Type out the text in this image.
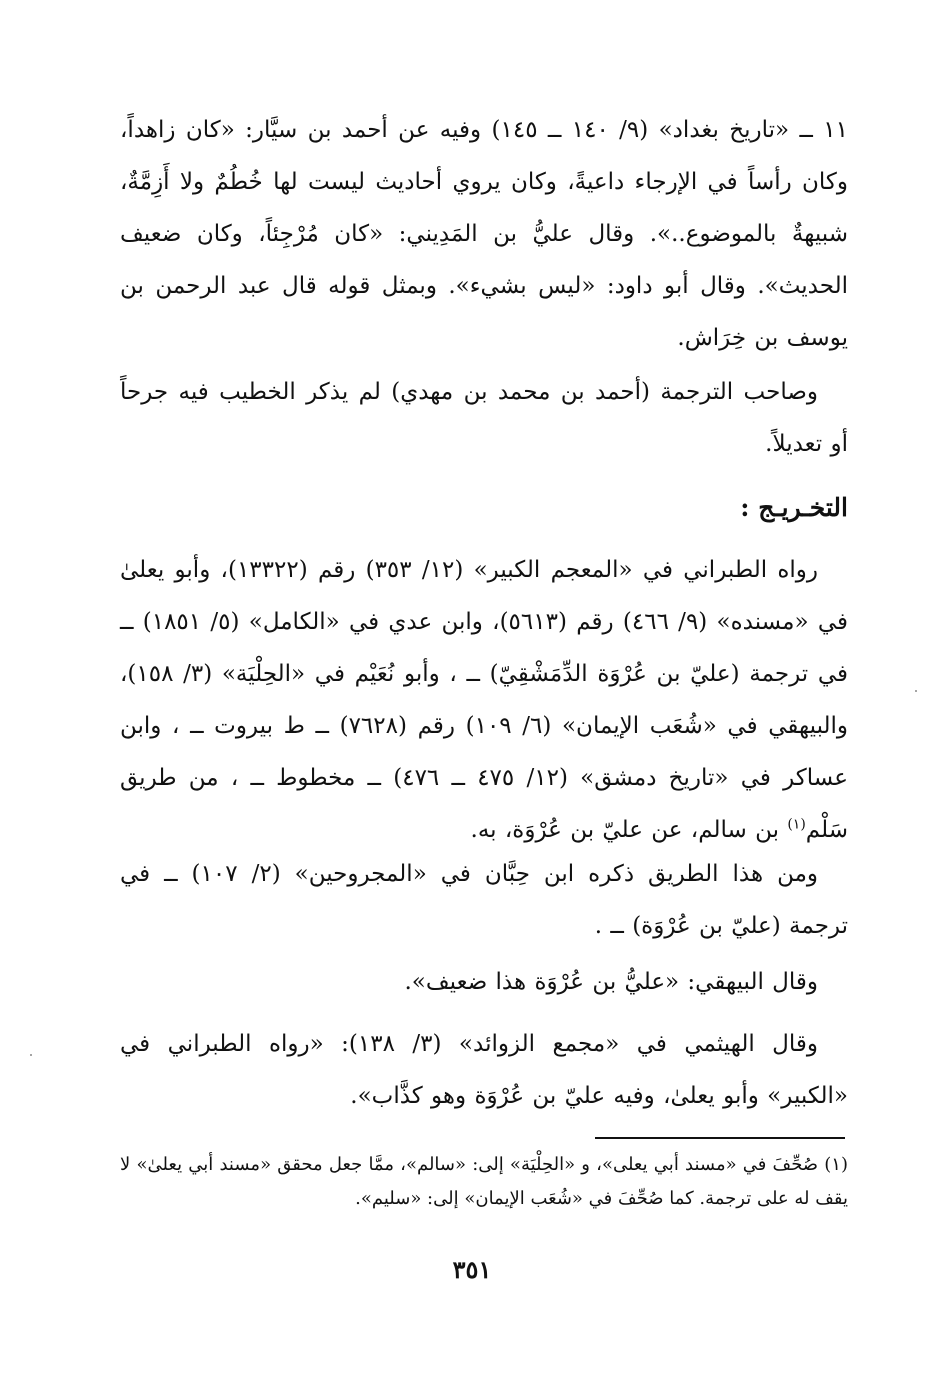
١١ ــ «تاريخ بغداد» (٩/ ١٤٠ ــ ١٤٥) وفيه عن أحمد بن سيَّار: «كان زاهداً، وكان رأساً في الإرجاء داعيةً، وكان يروي أحاديث ليست لها خُطُمٌ ولا أَزِمَّةٌ، شبيهةٌ بالموضوع..». وقال عليُّ بن المَدِيني: «كان مُرْجِئاً، وكان ضعيف الحديث». وقال أبو داود: «ليس بشيء». وبمثل قوله قال عبد الرحمن بن يوسف بن خِرَاش.
وصاحب الترجمة (أحمد بن محمد بن مهدي) لم يذكر الخطيب فيه جرحاً أو تعديلاً.
التخـريـج :
رواه الطبراني في «المعجم الكبير» (١٢/ ٣٥٣) رقم (١٣٣٢٢)، وأبو يعلىٰ في «مسنده» (٩/ ٤٦٦) رقم (٥٦١٣)، وابن عدي في «الكامل» (٥/ ١٨٥١) ــ في ترجمة (عليّ بن عُرْوَة الدِّمَشْقِيّ) ــ ، وأبو نُعَيْم في «الحِلْيَة» (٣/ ١٥٨)، والبيهقي في «شُعَب الإيمان» (٦/ ١٠٩) رقم (٧٦٢٨) ــ ط بيروت ــ ، وابن عساكر في «تاريخ دمشق» (١٢/ ٤٧٥ ــ ٤٧٦) ــ مخطوط ــ ، من طريق سَلْم$^{(١)}$ بن سالم، عن عليّ بن عُرْوَة، به.
ومن هذا الطريق ذكره ابن حِبَّان في «المجروحين» (٢/ ١٠٧) ــ في ترجمة (عليّ بن عُرْوَة) ــ .
وقال البيهقي: «عليُّ بن عُرْوَة هذا ضعيف».
وقال الهيثمي في «مجمع الزوائد» (٣/ ١٣٨): «رواه الطبراني في «الكبير» وأبو يعلىٰ، وفيه عليّ بن عُرْوَة وهو كذَّاب».
(١) صُحِّفَ في «مسند أبي يعلى»، و «الحِلْيَة» إلى: «سالم»، ممَّا جعل محقق «مسند أبي يعلىٰ» لا يقف له على ترجمة. كما صُحِّفَ في «شُعَب الإيمان» إلى: «سليم».
٣٥١
